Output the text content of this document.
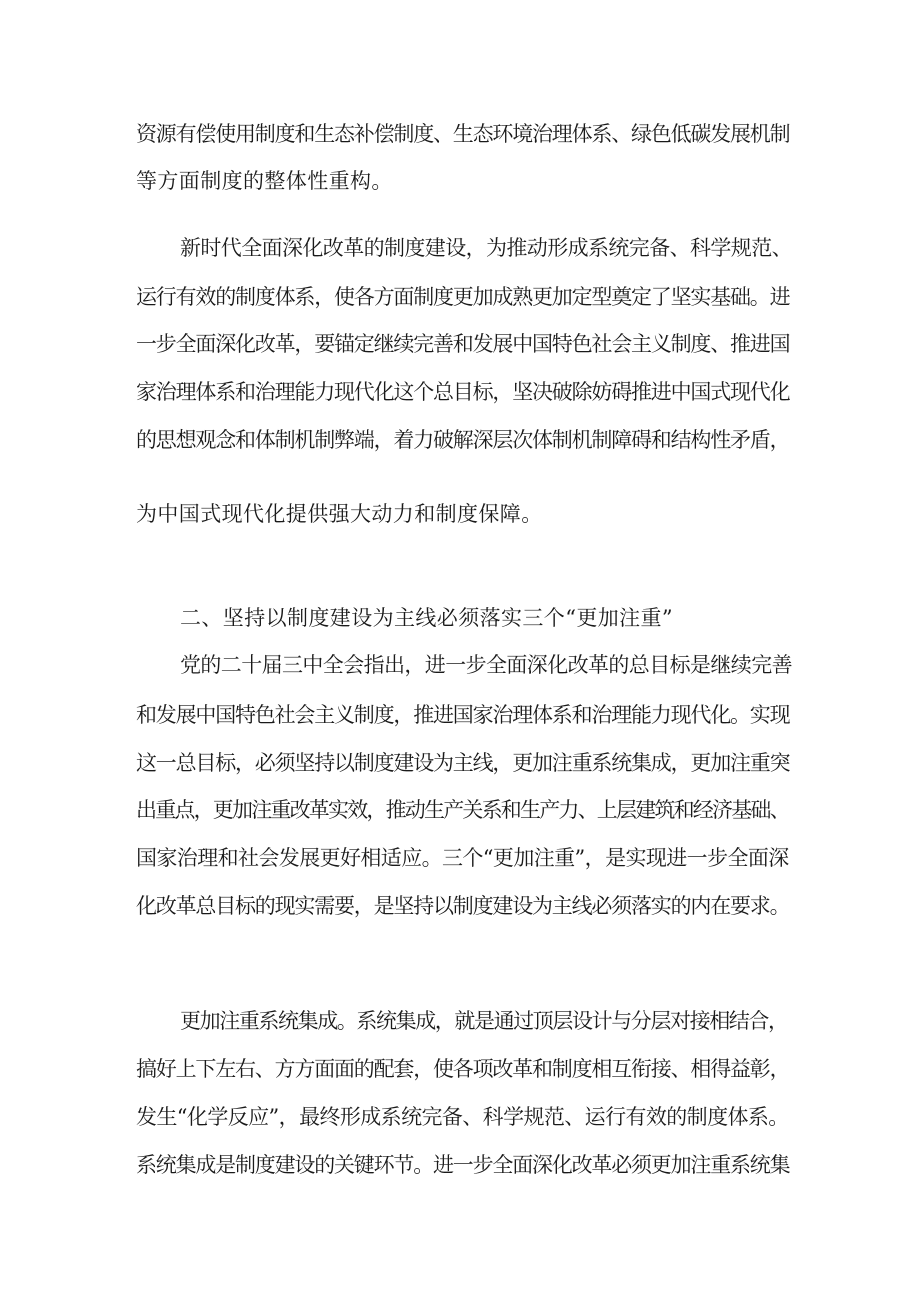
资源有偿使用制度和生态补偿制度、生态环境治理体系、绿色低碳发展机制
等方面制度的整体性重构。
新时代全面深化改革的制度建设，为推动形成系统完备、科学规范、
运行有效的制度体系，使各方面制度更加成熟更加定型奠定了坚实基础。进
一步全面深化改革，要锚定继续完善和发展中国特色社会主义制度、推进国
家治理体系和治理能力现代化这个总目标，坚决破除妨碍推进中国式现代化
的思想观念和体制机制弊端，着力破解深层次体制机制障碍和结构性矛盾，
为中国式现代化提供强大动力和制度保障。
二、坚持以制度建设为主线必须落实三个“更加注重”
党的二十届三中全会指出，进一步全面深化改革的总目标是继续完善
和发展中国特色社会主义制度，推进国家治理体系和治理能力现代化。实现
这一总目标，必须坚持以制度建设为主线，更加注重系统集成，更加注重突
出重点，更加注重改革实效，推动生产关系和生产力、上层建筑和经济基础、
国家治理和社会发展更好相适应。三个“更加注重”，是实现进一步全面深
化改革总目标的现实需要，是坚持以制度建设为主线必须落实的内在要求。
更加注重系统集成。系统集成，就是通过顶层设计与分层对接相结合，
搞好上下左右、方方面面的配套，使各项改革和制度相互衔接、相得益彰，
发生“化学反应”，最终形成系统完备、科学规范、运行有效的制度体系。
系统集成是制度建设的关键环节。进一步全面深化改革必须更加注重系统集
